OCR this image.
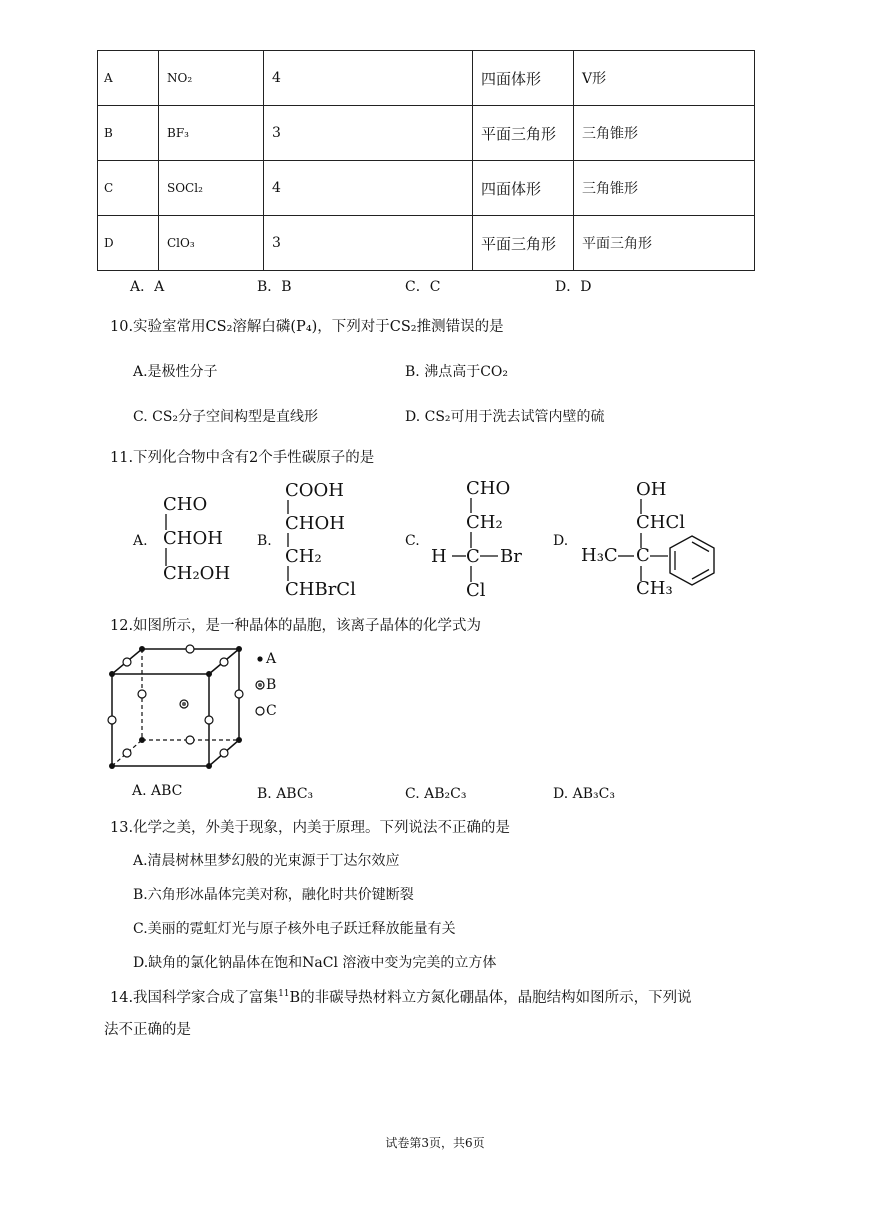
A	NO₂	4	四面体形	V形
B	BF₃	3	平面三角形	三角锥形
C	SOCl₂	4	四面体形	三角锥形
D	ClO₃	3	平面三角形	平面三角形
A．A	B．B	C．C	D．D
10.实验室常用CS₂溶解白磷(P₄)，下列对于CS₂推测错误的是
A.是极性分子	B. 沸点高于CO₂
C. CS₂分子空间构型是直线形	D. CS₂可用于洗去试管内壁的硫
11.下列化合物中含有2个手性碳原子的是
A.
CHO
CHOH
CH₂OH
B.
COOH
CHOH
CH₂
CHBrCl
C.
CHO
CH₂
H C Br
Cl
D.
OH
CHCl
H₃C C
CH₃
12.如图所示，是一种晶体的晶胞，该离子晶体的化学式为
A
B
C
A. ABC	B. ABC₃	C. AB₂C₃	D. AB₃C₃
13.化学之美，外美于现象，内美于原理。下列说法不正确的是
A.清晨树林里梦幻般的光束源于丁达尔效应
B.六角形冰晶体完美对称，融化时共价键断裂
C.美丽的霓虹灯光与原子核外电子跃迁释放能量有关
D.缺角的氯化钠晶体在饱和NaCl 溶液中变为完美的立方体
14.我国科学家合成了富集$^{11}$B的非碳导热材料立方氮化硼晶体，晶胞结构如图所示，下列说
法不正确的是
试卷第3页，共6页
